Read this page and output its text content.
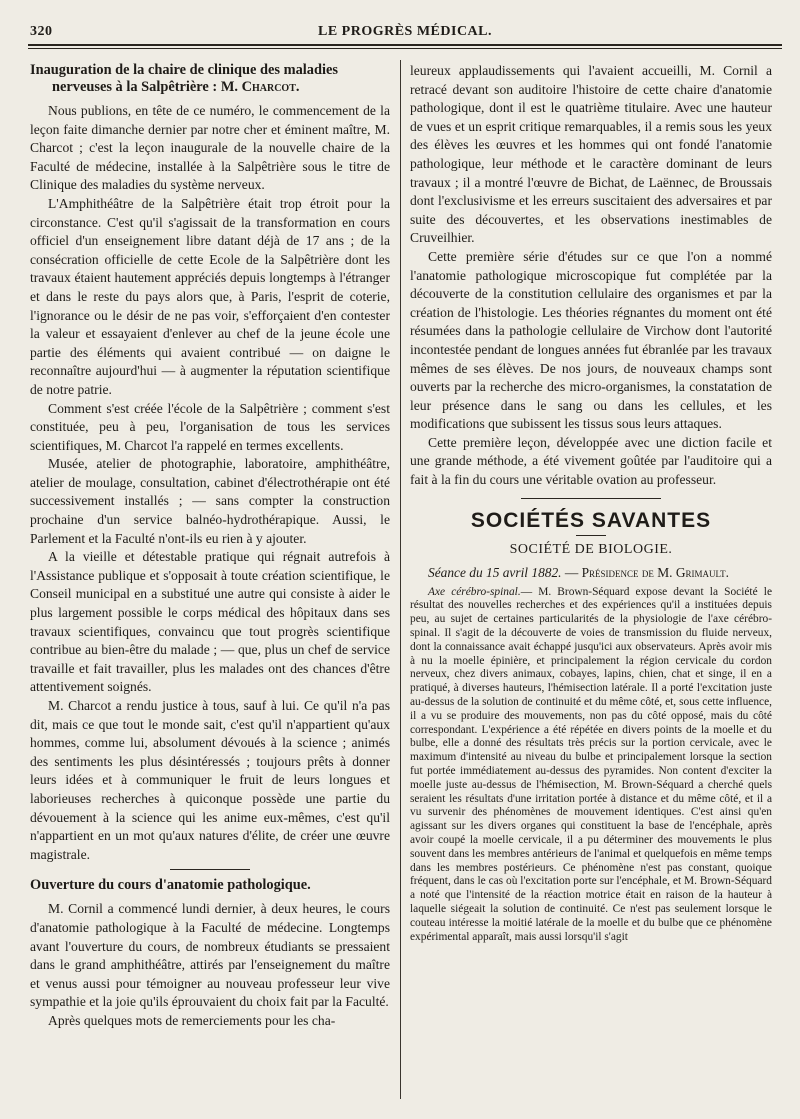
320	LE PROGRÈS MÉDICAL.
Inauguration de la chaire de clinique des maladies nerveuses à la Salpêtrière : M. Charcot.

Nous publions, en tête de ce numéro, le commencement de la leçon faite dimanche dernier par notre cher et éminent maître, M. Charcot ; c'est la leçon inaugurale de la nouvelle chaire de la Faculté de médecine, installée à la Salpêtrière sous le titre de Clinique des maladies du système nerveux.

L'Amphithéâtre de la Salpêtrière était trop étroit pour la circonstance. C'est qu'il s'agissait de la transformation en cours officiel d'un enseignement libre datant déjà de 17 ans ; de la consécration officielle de cette Ecole de la Salpêtrière dont les travaux étaient hautement appréciés depuis longtemps à l'étranger et dans le reste du pays alors que, à Paris, l'esprit de coterie, l'ignorance ou le désir de ne pas voir, s'efforçaient d'en contester la valeur et essayaient d'enlever au chef de la jeune école une partie des éléments qui avaient contribué — on daigne le reconnaître aujourd'hui — à augmenter la réputation scientifique de notre patrie.

Comment s'est créée l'école de la Salpêtrière ; comment s'est constituée, peu à peu, l'organisation de tous les services scientifiques, M. Charcot l'a rappelé en termes excellents.

Musée, atelier de photographie, laboratoire, amphithéâtre, atelier de moulage, consultation, cabinet d'électrothérapie ont été successivement installés ; — sans compter la construction prochaine d'un service balnéo-hydrothérapique. Aussi, le Parlement et la Faculté n'ont-ils eu rien à y ajouter.

A la vieille et détestable pratique qui régnait autrefois à l'Assistance publique et s'opposait à toute création scientifique, le Conseil municipal en a substitué une autre qui consiste à aider le plus largement possible le corps médical des hôpitaux dans ses travaux scientifiques, convaincu que tout progrès scientifique contribue au bien-être du malade ; — que, plus un chef de service travaille et fait travailler, plus les malades ont des chances d'être attentivement soignés.

M. Charcot a rendu justice à tous, sauf à lui. Ce qu'il n'a pas dit, mais ce que tout le monde sait, c'est qu'il n'appartient qu'aux hommes, comme lui, absolument dévoués à la science ; animés des sentiments les plus désintéressés ; toujours prêts à donner leurs idées et à communiquer le fruit de leurs longues et laborieuses recherches à quiconque possède une partie du dévouement à la science qui les anime eux-mêmes, c'est qu'il n'appartient en un mot qu'aux natures d'élite, de créer une œuvre magistrale.

Ouverture du cours d'anatomie pathologique.

M. Cornil a commencé lundi dernier, à deux heures, le cours d'anatomie pathologique à la Faculté de médecine. Longtemps avant l'ouverture du cours, de nombreux étudiants se pressaient dans le grand amphithéâtre, attirés par l'enseignement du maître et venus aussi pour témoigner au nouveau professeur leur vive sympathie et la joie qu'ils éprouvaient du choix fait par la Faculté.

Après quelques mots de remerciements pour les cha-

leureux applaudissements qui l'avaient accueilli, M. Cornil a retracé devant son auditoire l'histoire de cette chaire d'anatomie pathologique, dont il est le quatrième titulaire. Avec une hauteur de vues et un esprit critique remarquables, il a remis sous les yeux des élèves les œuvres et les hommes qui ont fondé l'anatomie pathologique, leur méthode et le caractère dominant de leurs travaux ; il a montré l'œuvre de Bichat, de Laënnec, de Broussais dont l'exclusivisme et les erreurs suscitaient des adversaires et par suite des découvertes, et les observations inestimables de Cruveilhier.

Cette première série d'études sur ce que l'on a nommé l'anatomie pathologique microscopique fut complétée par la découverte de la constitution cellulaire des organismes et par la création de l'histologie. Les théories régnantes du moment ont été résumées dans la pathologie cellulaire de Virchow dont l'autorité incontestée pendant de longues années fut ébranlée par les travaux mêmes de ses élèves. De nos jours, de nouveaux champs sont ouverts par la recherche des micro-organismes, la constatation de leur présence dans le sang ou dans les cellules, et les modifications que subissent les tissus sous leurs attaques.

Cette première leçon, développée avec une diction facile et une grande méthode, a été vivement goûtée par l'auditoire qui a fait à la fin du cours une véritable ovation au professeur.

SOCIÉTÉS SAVANTES
SOCIÉTÉ DE BIOLOGIE.

Séance du 15 avril 1882. — Présidence de M. Grimault.

Axe cérébro-spinal.— M. Brown-Séquard expose devant la Société le résultat des nouvelles recherches et des expériences qu'il a instituées depuis peu, au sujet de certaines particularités de la physiologie de l'axe cérébro-spinal. Il s'agit de la découverte de voies de transmission du fluide nerveux, dont la connaissance avait échappé jusqu'ici aux observateurs. Après avoir mis à nu la moelle épinière, et principalement la région cervicale du cordon nerveux, chez divers animaux, cobayes, lapins, chien, chat et singe, il en a pratiqué, à diverses hauteurs, l'hémisection latérale. Il a porté l'excitation juste au-dessus de la solution de continuité et du même côté, et, sous cette influence, il a vu se produire des mouvements, non pas du côté opposé, mais du côté correspondant. L'expérience a été répétée en divers points de la moelle et du bulbe, elle a donné des résultats très précis sur la portion cervicale, avec le maximum d'intensité au niveau du bulbe et principalement lorsque la section fut portée immédiatement au-dessus des pyramides. Non content d'exciter la moelle juste au-dessus de l'hémisection, M. Brown-Séquard a cherché quels seraient les résultats d'une irritation portée à distance et du même côté, et il a vu survenir des phénomènes de mouvement identiques. C'est ainsi qu'en agissant sur les divers organes qui constituent la base de l'encéphale, après avoir coupé la moelle cervicale, il a pu déterminer des mouvements le plus souvent dans les membres antérieurs de l'animal et quelquefois en même temps dans les membres postérieurs. Ce phénomène n'est pas constant, quoique fréquent, dans le cas où l'excitation porte sur l'encéphale, et M. Brown-Séquard a noté que l'intensité de la réaction motrice était en raison de la hauteur à laquelle siégeait la solution de continuité. Ce n'est pas seulement lorsque le couteau intéresse la moitié latérale de la moelle et du bulbe que ce phénomène expérimental apparaît, mais aussi lorsqu'il s'agit
